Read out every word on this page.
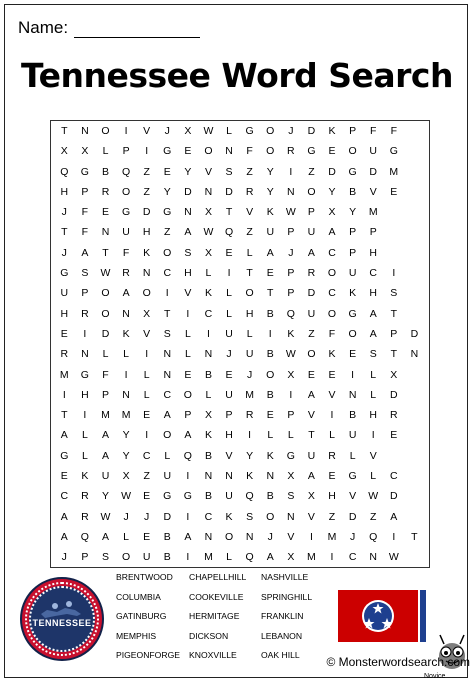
Name:
Tennessee Word Search
T	N	O	I	V	J	X	W	L	G	O	J	D	K	P	F	F
X	X	L	P	I	G	E	O	N	F	O	R	G	E	O	U	G
Q	G	B	Q	Z	E	Y	V	S	Z	Y	I	Z	D	G	D	M
H	P	R	O	Z	Y	D	N	D	R	Y	N	O	Y	B	V	E
J	F	E	G	D	G	N	X	T	V	K	W	P	X	Y	M
T	F	N	U	H	Z	A	W	Q	Z	U	P	U	A	P	P
J	A	T	F	K	O	S	X	E	L	A	J	A	C	P	H
G	S	W	R	N	C	H	L	I	T	E	P	R	O	U	C	I
U	P	O	A	O	I	V	K	L	O	T	P	D	C	K	H	S
H	R	O	N	X	T	I	C	L	H	B	Q	U	O	G	A	T
E	I	D	K	V	S	L	I	U	L	I	K	Z	F	O	A	P	D
R	N	L	L	I	N	L	N	J	U	B	W	O	K	E	S	T	N
M	G	F	I	L	N	E	B	E	J	O	X	E	E	I	L	X
I	H	P	N	L	C	O	L	U	M	B	I	A	V	N	L	D
T	I	M	M	E	A	P	X	P	R	E	P	V	I	B	H	R
A	L	A	Y	I	O	A	K	H	I	L	L	T	L	U	I	E
G	L	A	Y	C	L	Q	B	V	Y	K	G	U	R	L	V
E	K	U	X	Z	U	I	N	N	K	N	X	A	E	G	L	C
C	R	Y	W	E	G	G	B	U	Q	B	S	X	H	V	W	D
A	R	W	J	J	D	I	C	K	S	O	N	V	Z	D	Z	A
A	Q	A	L	E	B	A	N	O	N	J	V	I	M	J	Q	I	T
J	P	S	O	U	B	I	M	L	Q	A	X	M	I	C	N	W
TENNESSEE
BRENTWOOD	CHAPELLHILL	NASHVILLE
COLUMBIA	COOKEVILLE	SPRINGHILL
GATINBURG	HERMITAGE	FRANKLIN
MEMPHIS	DICKSON	LEBANON
PIGEONFORGE	KNOXVILLE	OAK HILL	© Monsterwordsearch.com
Novice
